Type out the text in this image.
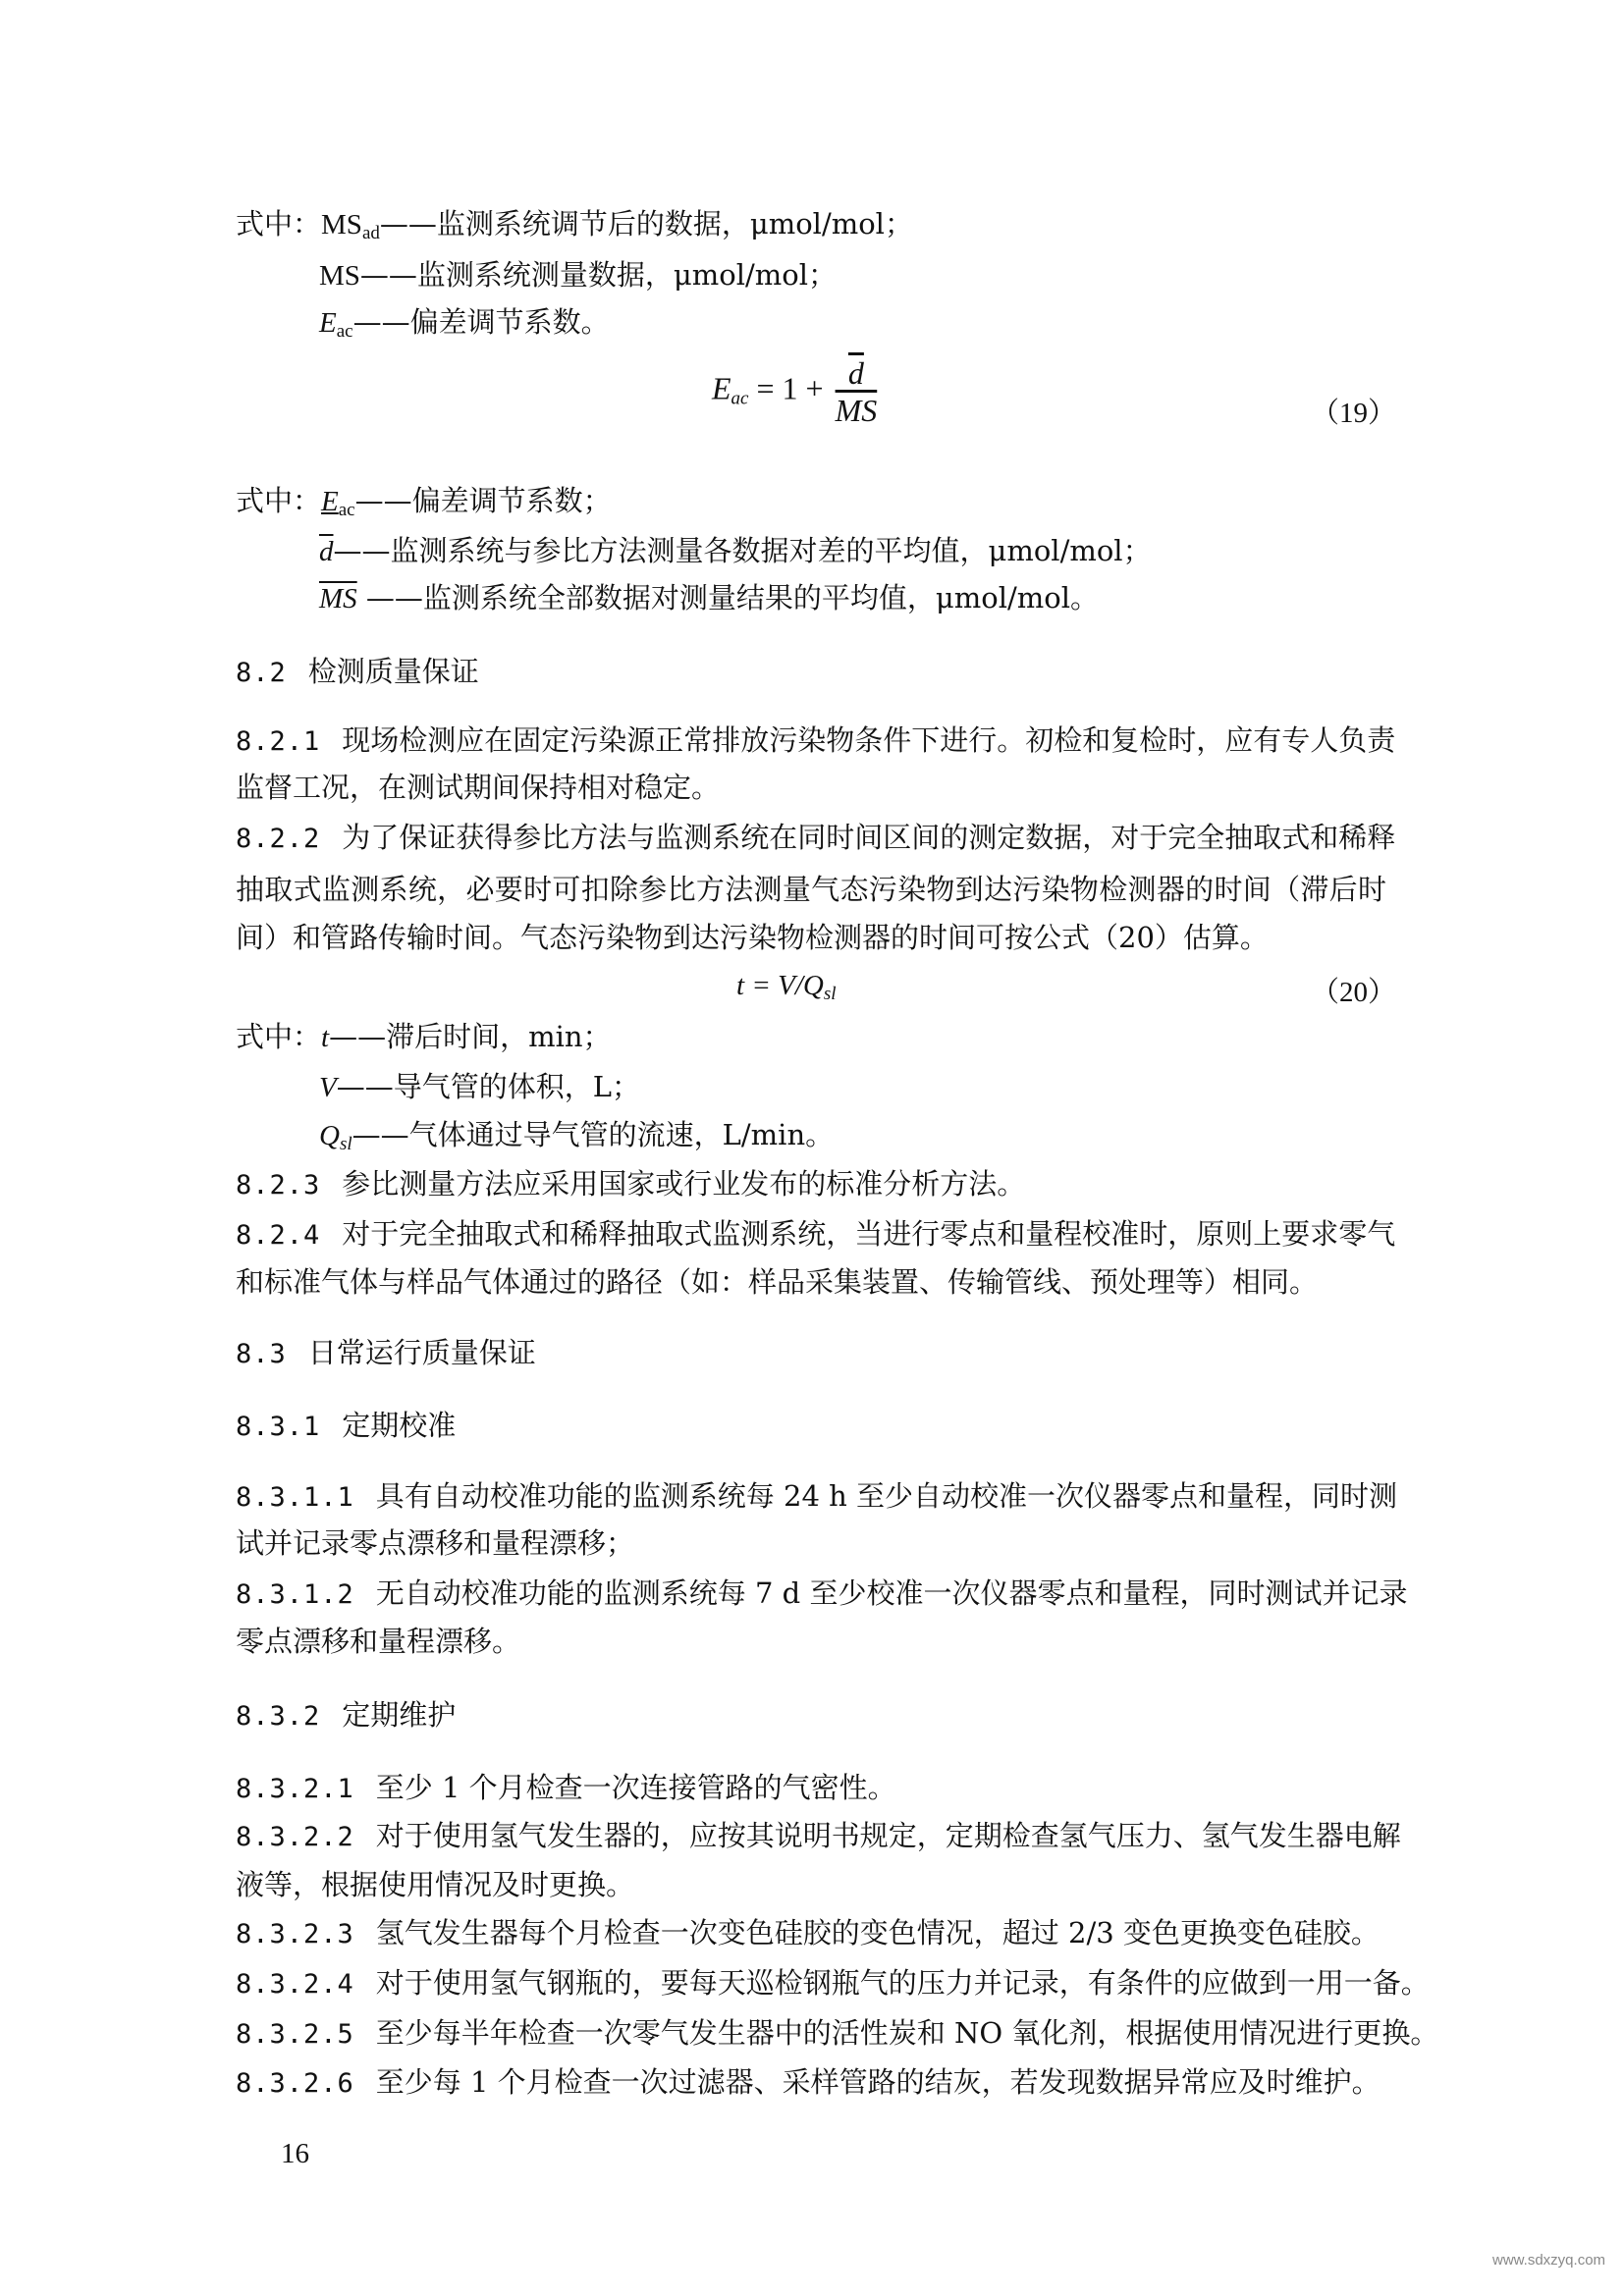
式中：$MS_{ad}——$监测系统调节后的数据，μmol/mol；
MS——监测系统测量数据，μmol/mol；
$E_{ac}——$偏差调节系数。
$E_{ac} = 1 + \frac{\overline{d}}{MS}$	（19）
式中：$E_{ac}——$偏差调节系数；
$\overline{d}——$监测系统与参比方法测量各数据对差的平均值，μmol/mol；
$\overline{MS}$ ——监测系统全部数据对测量结果的平均值，μmol/mol。
8.2 检测质量保证
8.2.1 现场检测应在固定污染源正常排放污染物条件下进行。初检和复检时，应有专人负责
监督工况，在测试期间保持相对稳定。
8.2.2 为了保证获得参比方法与监测系统在同时间区间的测定数据，对于完全抽取式和稀释
抽取式监测系统，必要时可扣除参比方法测量气态污染物到达污染物检测器的时间（滞后时
间）和管路传输时间。气态污染物到达污染物检测器的时间可按公式（20）估算。
$t = V/Q_{sl}$	（20）
式中：t——滞后时间，min；
V——导气管的体积，L；
$Q_{sl}——$气体通过导气管的流速，L/min。
8.2.3 参比测量方法应采用国家或行业发布的标准分析方法。
8.2.4 对于完全抽取式和稀释抽取式监测系统，当进行零点和量程校准时，原则上要求零气
和标准气体与样品气体通过的路径（如：样品采集装置、传输管线、预处理等）相同。
8.3 日常运行质量保证
8.3.1 定期校准
8.3.1.1 具有自动校准功能的监测系统每 24 h 至少自动校准一次仪器零点和量程，同时测
试并记录零点漂移和量程漂移；
8.3.1.2 无自动校准功能的监测系统每 7 d 至少校准一次仪器零点和量程，同时测试并记录
零点漂移和量程漂移。
8.3.2 定期维护
8.3.2.1 至少 1 个月检查一次连接管路的气密性。
8.3.2.2 对于使用氢气发生器的，应按其说明书规定，定期检查氢气压力、氢气发生器电解
液等，根据使用情况及时更换。
8.3.2.3 氢气发生器每个月检查一次变色硅胶的变色情况，超过 2/3 变色更换变色硅胶。
8.3.2.4 对于使用氢气钢瓶的，要每天巡检钢瓶气的压力并记录，有条件的应做到一用一备。
8.3.2.5 至少每半年检查一次零气发生器中的活性炭和 NO 氧化剂，根据使用情况进行更换。
8.3.2.6 至少每 1 个月检查一次过滤器、采样管路的结灰，若发现数据异常应及时维护。
16
www.sdxzyq.com
